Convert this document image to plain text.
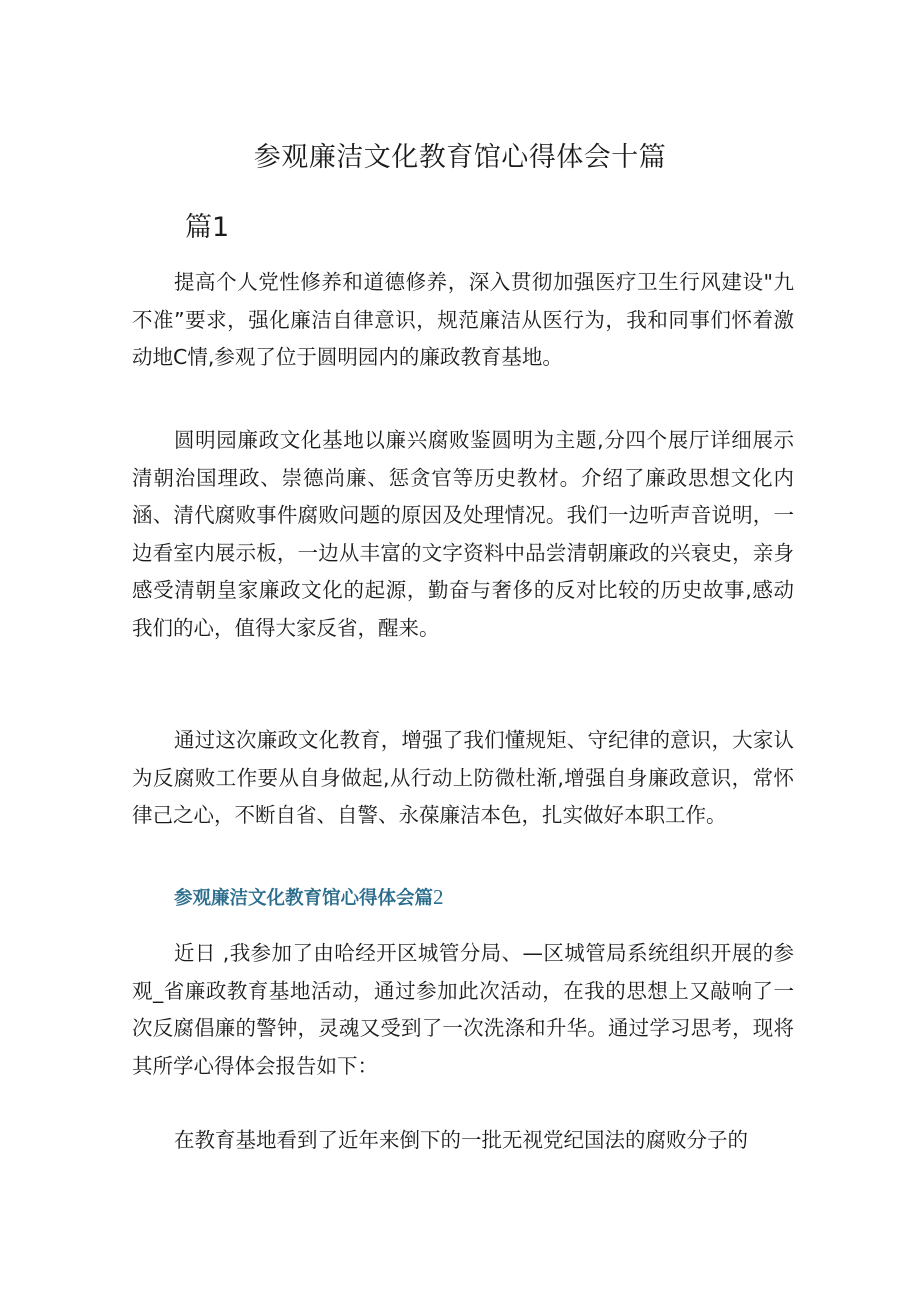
参观廉洁文化教育馆心得体会十篇
篇1

提高个人党性修养和道德修养，深入贯彻加强医疗卫生行风建设"九不准”要求，强化廉洁自律意识，规范廉洁从医行为，我和同事们怀着激动地C情,参观了位于圆明园内的廉政教育基地。

圆明园廉政文化基地以廉兴腐败鉴圆明为主题,分四个展厅详细展示清朝治国理政、崇德尚廉、惩贪官等历史教材。介绍了廉政思想文化内涵、清代腐败事件腐败问题的原因及处理情况。我们一边听声音说明，一边看室内展示板，一边从丰富的文字资料中品尝清朝廉政的兴衰史，亲身感受清朝皇家廉政文化的起源，勤奋与奢侈的反对比较的历史故事,感动我们的心，值得大家反省，醒来。

通过这次廉政文化教育，增强了我们懂规矩、守纪律的意识，大家认为反腐败工作要从自身做起,从行动上防微杜渐,增强自身廉政意识，常怀律己之心，不断自省、自警、永葆廉洁本色，扎实做好本职工作。

参观廉洁文化教育馆心得体会篇2

近日 ,我参加了由哈经开区城管分局、—区城管局系统组织开展的参观_省廉政教育基地活动，通过参加此次活动，在我的思想上又敲响了一次反腐倡廉的警钟，灵魂又受到了一次洗涤和升华。通过学习思考，现将其所学心得体会报告如下：

在教育基地看到了近年来倒下的一批无视党纪国法的腐败分子的
